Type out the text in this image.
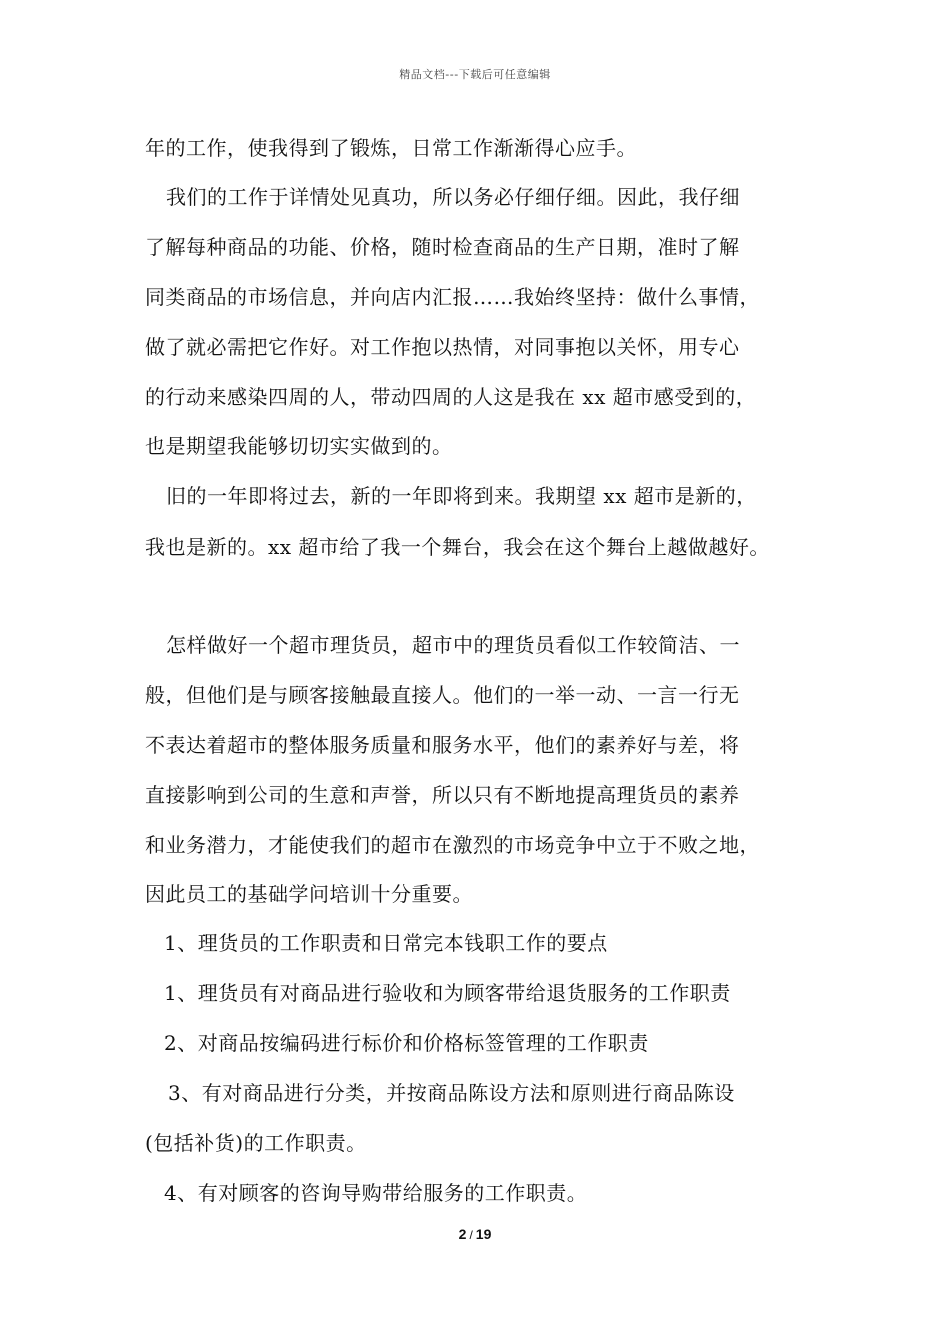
精品文档---下载后可任意编辑
年的工作，使我得到了锻炼，日常工作渐渐得心应手。
我们的工作于详情处见真功，所以务必仔细仔细。因此，我仔细
了解每种商品的功能、价格，随时检查商品的生产日期，准时了解
同类商品的市场信息，并向店内汇报……我始终坚持：做什么事情，
做了就必需把它作好。对工作抱以热情，对同事抱以关怀，用专心
的行动来感染四周的人，带动四周的人这是我在 xx 超市感受到的，
也是期望我能够切切实实做到的。
旧的一年即将过去，新的一年即将到来。我期望 xx 超市是新的，
我也是新的。xx 超市给了我一个舞台，我会在这个舞台上越做越好。
怎样做好一个超市理货员，超市中的理货员看似工作较简洁、一
般，但他们是与顾客接触最直接人。他们的一举一动、一言一行无
不表达着超市的整体服务质量和服务水平，他们的素养好与差，将
直接影响到公司的生意和声誉，所以只有不断地提高理货员的素养
和业务潜力，才能使我们的超市在激烈的市场竞争中立于不败之地，
因此员工的基础学问培训十分重要。
1、理货员的工作职责和日常完本钱职工作的要点
1、理货员有对商品进行验收和为顾客带给退货服务的工作职责
2、对商品按编码进行标价和价格标签管理的工作职责
3、有对商品进行分类，并按商品陈设方法和原则进行商品陈设
(包括补货)的工作职责。
4、有对顾客的咨询导购带给服务的工作职责。
2 / 19
